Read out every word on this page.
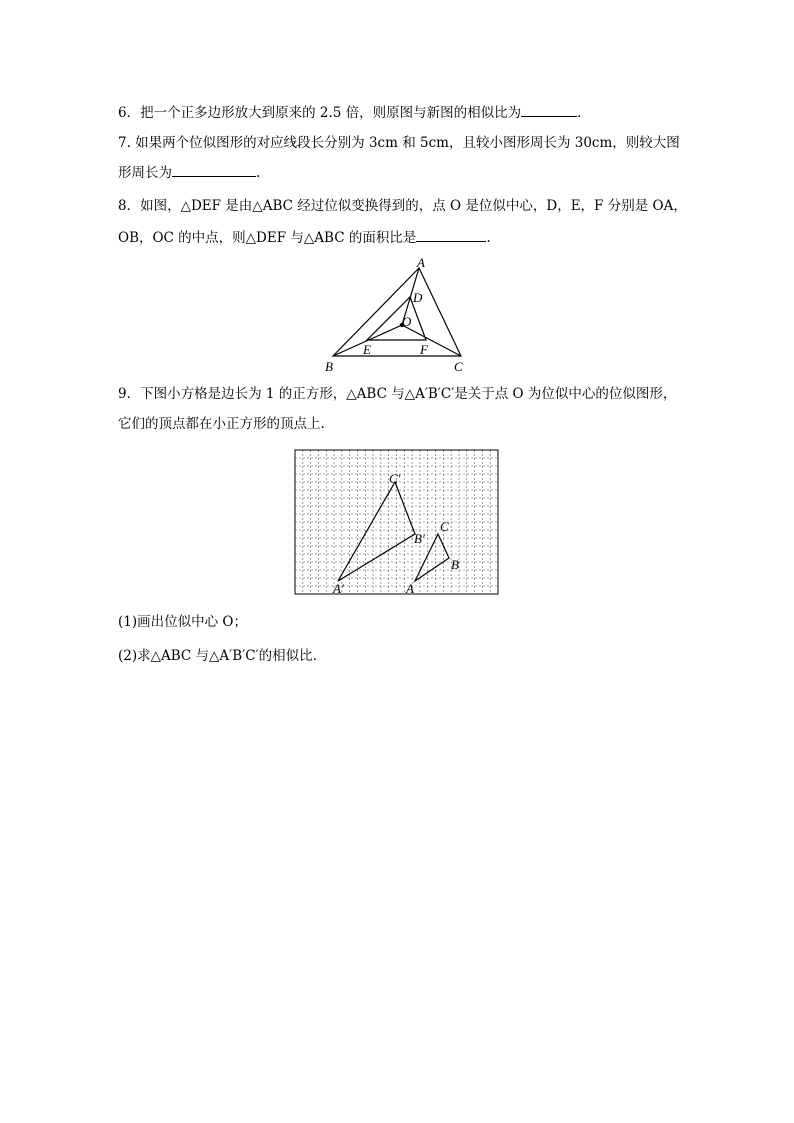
6．把一个正多边形放大到原来的 2.5 倍，则原图与新图的相似比为	．
7. 如果两个位似图形的对应线段长分别为 3cm 和 5cm，且较小图形周长为 30cm，则较大图
形周长为	.
8．如图，△DEF 是由△ABC 经过位似变换得到的，点 O 是位似中心，D，E，F 分别是 OA，
OB，OC 的中点，则△DEF 与△ABC 的面积比是	.
A
B	C
D
E	F
O
9．下图小方格是边长为 1 的正方形，△ABC 与△A′B′C′是关于点 O 为位似中心的位似图形，
它们的顶点都在小正方形的顶点上.
C′
B′
A′
C
B
A
(1)画出位似中心 O；
(2)求△ABC 与△A′B′C′的相似比.
